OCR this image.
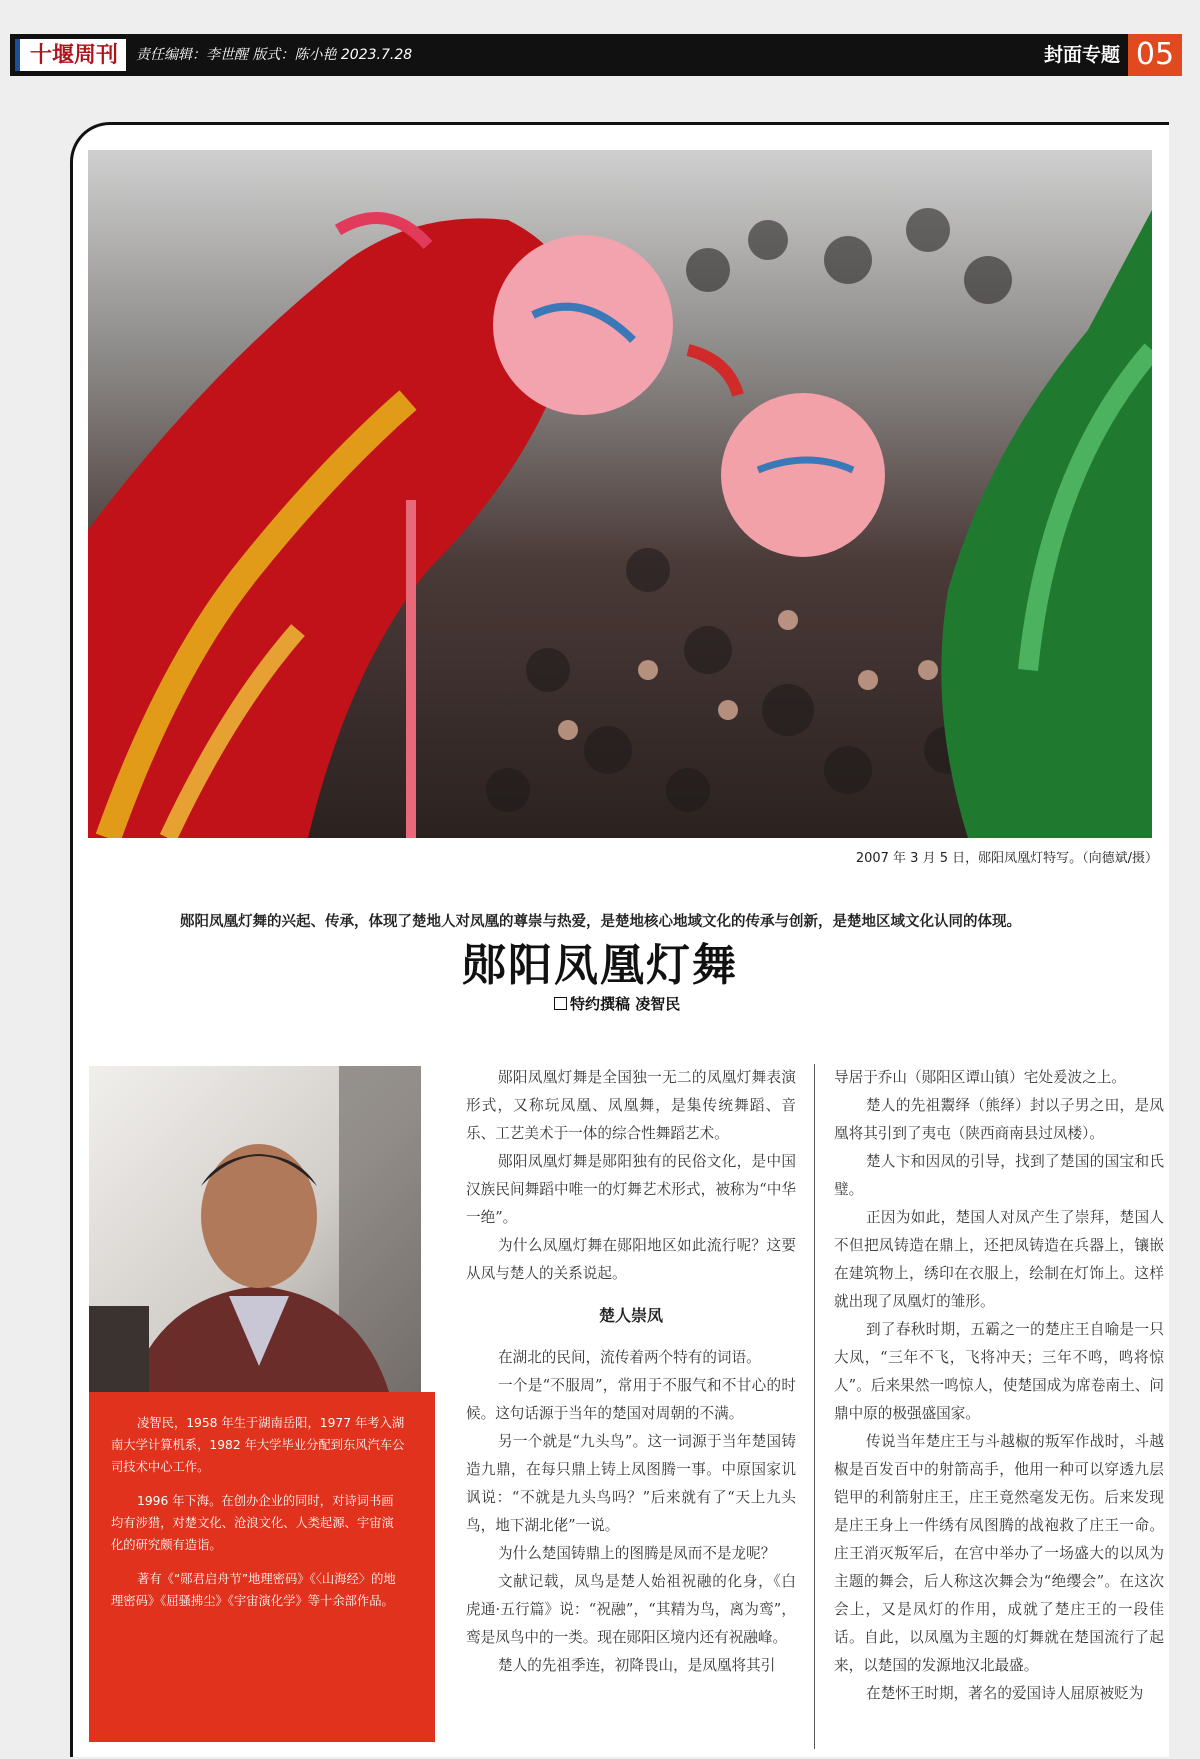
十堰周刊	责任编辑：李世醒 版式：陈小艳 2023.7.28	封面专题 05
2007 年 3 月 5 日，郧阳凤凰灯特写。（向德斌/摄）
郧阳凤凰灯舞的兴起、传承，体现了楚地人对凤凰的尊崇与热爱，是楚地核心地域文化的传承与创新，是楚地区域文化认同的体现。
郧阳凤凰灯舞
特约撰稿 凌智民

凌智民，1958 年生于湖南岳阳，1977 年考入湖南大学计算机系，1982 年大学毕业分配到东风汽车公司技术中心工作。

1996 年下海。在创办企业的同时，对诗词书画均有涉猎，对楚文化、沧浪文化、人类起源、宇宙演化的研究颇有造诣。

著有《“郧君启舟节”地理密码》《〈山海经〉的地理密码》《屈骚拂尘》《宇宙演化学》等十余部作品。

郧阳凤凰灯舞是全国独一无二的凤凰灯舞表演形式，又称玩凤凰、凤凰舞，是集传统舞蹈、音乐、工艺美术于一体的综合性舞蹈艺术。

郧阳凤凰灯舞是郧阳独有的民俗文化，是中国汉族民间舞蹈中唯一的灯舞艺术形式，被称为“中华一绝”。

为什么凤凰灯舞在郧阳地区如此流行呢？这要从凤与楚人的关系说起。

楚人崇凤

在湖北的民间，流传着两个特有的词语。

一个是“不服周”，常用于不服气和不甘心的时候。这句话源于当年的楚国对周朝的不满。

另一个就是“九头鸟”。这一词源于当年楚国铸造九鼎，在每只鼎上铸上凤图腾一事。中原国家讥讽说：“不就是九头鸟吗？”后来就有了“天上九头鸟，地下湖北佬”一说。

为什么楚国铸鼎上的图腾是凤而不是龙呢？

文献记载，凤鸟是楚人始祖祝融的化身，《白虎通·五行篇》说：“祝融”，“其精为鸟，离为鸾”，鸾是凤鸟中的一类。现在郧阳区境内还有祝融峰。

楚人的先祖季连，初降畏山，是凤凰将其引

导居于乔山（郧阳区谭山镇）宅处爰波之上。

楚人的先祖鬻绎（熊绎）封以子男之田，是凤凰将其引到了夷屯（陕西商南县过凤楼）。

楚人卞和因凤的引导，找到了楚国的国宝和氏璧。

正因为如此，楚国人对凤产生了崇拜，楚国人不但把凤铸造在鼎上，还把凤铸造在兵器上，镶嵌在建筑物上，绣印在衣服上，绘制在灯饰上。这样就出现了凤凰灯的雏形。

到了春秋时期，五霸之一的楚庄王自喻是一只大凤，“三年不飞，飞将冲天；三年不鸣，鸣将惊人”。后来果然一鸣惊人，使楚国成为席卷南土、问鼎中原的极强盛国家。

传说当年楚庄王与斗越椒的叛军作战时，斗越椒是百发百中的射箭高手，他用一种可以穿透九层铠甲的利箭射庄王，庄王竟然毫发无伤。后来发现是庄王身上一件绣有凤图腾的战袍救了庄王一命。庄王消灭叛军后，在宫中举办了一场盛大的以凤为主题的舞会，后人称这次舞会为“绝缨会”。在这次会上，又是凤灯的作用，成就了楚庄王的一段佳话。自此，以凤凰为主题的灯舞就在楚国流行了起来，以楚国的发源地汉北最盛。

在楚怀王时期，著名的爱国诗人屈原被贬为
